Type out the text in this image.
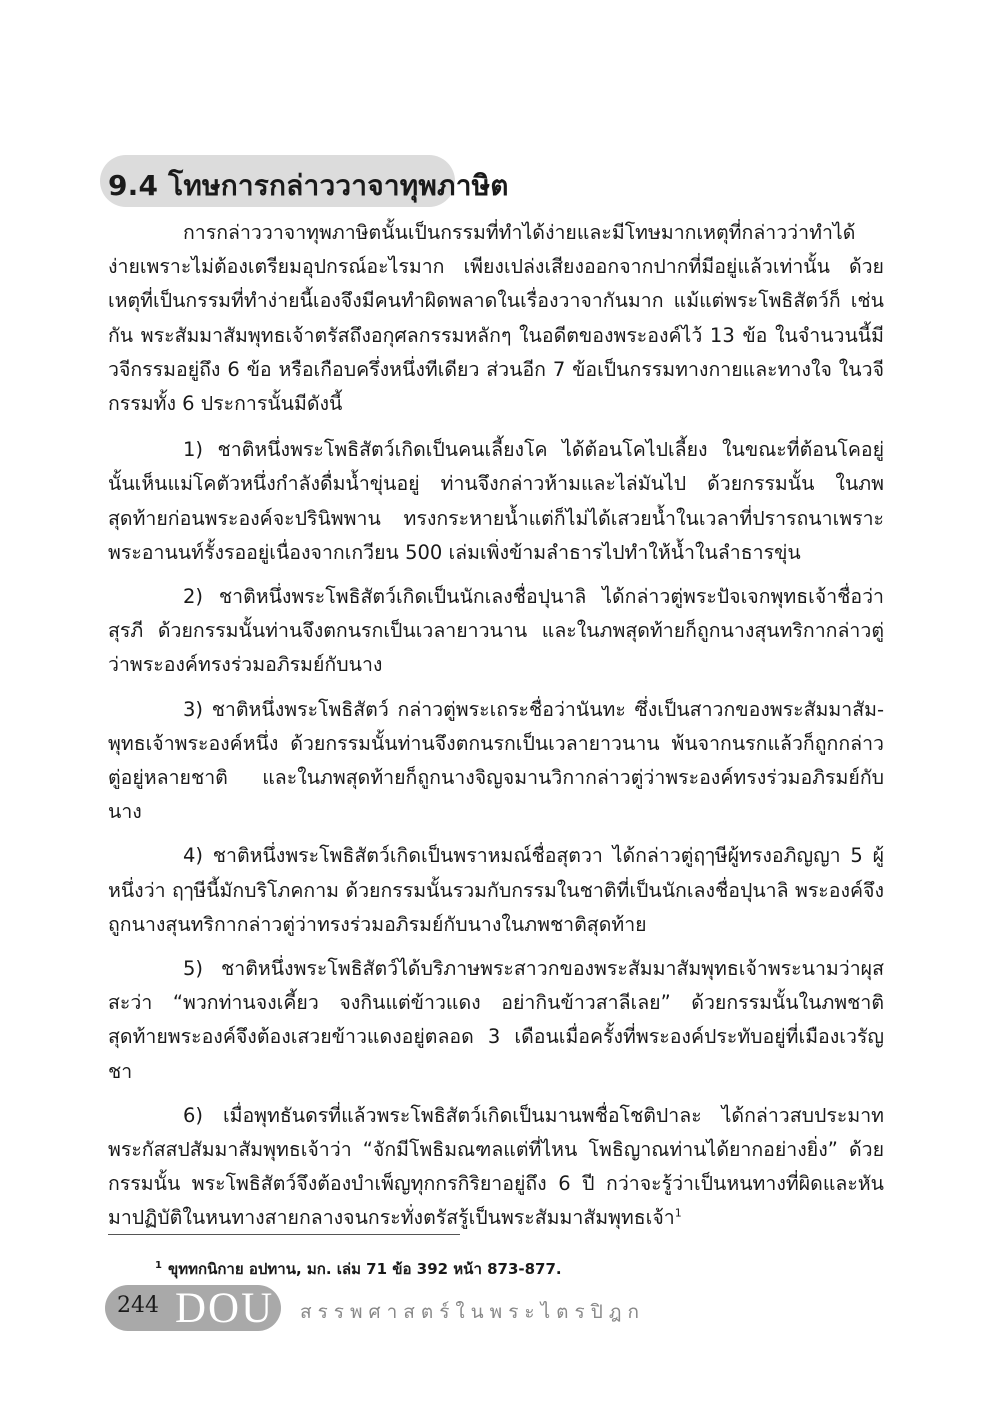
9.4 โทษการกล่าววาจาทุพภาษิต

การกล่าววาจาทุพภาษิตนั้นเป็นกรรมที่ทำได้ง่ายและมีโทษมากเหตุที่กล่าวว่าทำได้ง่ายเพราะไม่ต้องเตรียมอุปกรณ์อะไรมาก เพียงเปล่งเสียงออกจากปากที่มีอยู่แล้วเท่านั้น ด้วย เหตุที่เป็นกรรมที่ทำง่ายนี้เองจึงมีคนทำผิดพลาดในเรื่องวาจากันมาก แม้แต่พระโพธิสัตว์ก็ เช่นกัน พระสัมมาสัมพุทธเจ้าตรัสถึงอกุศลกรรมหลักๆ ในอดีตของพระองค์ไว้ 13 ข้อ ในจำนวนนี้มีวจีกรรมอยู่ถึง 6 ข้อ หรือเกือบครึ่งหนึ่งทีเดียว ส่วนอีก 7 ข้อเป็นกรรมทางกายและทางใจ ในวจีกรรมทั้ง 6 ประการนั้นมีดังนี้

1) ชาติหนึ่งพระโพธิสัตว์เกิดเป็นคนเลี้ยงโค ได้ต้อนโคไปเลี้ยง ในขณะที่ต้อนโคอยู่นั้นเห็นแม่โคตัวหนึ่งกำลังดื่มน้ำขุ่นอยู่ ท่านจึงกล่าวห้ามและไล่มันไป ด้วยกรรมนั้น ในภพสุดท้ายก่อนพระองค์จะปรินิพพาน ทรงกระหายน้ำแต่ก็ไม่ได้เสวยน้ำในเวลาที่ปรารถนาเพราะพระอานนท์รั้งรออยู่เนื่องจากเกวียน 500 เล่มเพิ่งข้ามลำธารไปทำให้น้ำในลำธารขุ่น

2) ชาติหนึ่งพระโพธิสัตว์เกิดเป็นนักเลงชื่อปุนาลิ ได้กล่าวตู่พระปัจเจกพุทธเจ้าชื่อว่าสุรภี ด้วยกรรมนั้นท่านจึงตกนรกเป็นเวลายาวนาน และในภพสุดท้ายก็ถูกนางสุนทริกากล่าวตู่ว่าพระองค์ทรงร่วมอภิรมย์กับนาง

3) ชาติหนึ่งพระโพธิสัตว์ กล่าวตู่พระเถระชื่อว่านันทะ ซึ่งเป็นสาวกของพระสัมมาสัม-พุทธเจ้าพระองค์หนึ่ง ด้วยกรรมนั้นท่านจึงตกนรกเป็นเวลายาวนาน พ้นจากนรกแล้วก็ถูกกล่าวตู่อยู่หลายชาติ และในภพสุดท้ายก็ถูกนางจิญจมานวิกากล่าวตู่ว่าพระองค์ทรงร่วมอภิรมย์กับนาง

4) ชาติหนึ่งพระโพธิสัตว์เกิดเป็นพราหมณ์ชื่อสุตวา ได้กล่าวตู่ฤๅษีผู้ทรงอภิญญา 5 ผู้หนึ่งว่า ฤๅษีนี้มักบริโภคกาม ด้วยกรรมนั้นรวมกับกรรมในชาติที่เป็นนักเลงชื่อปุนาลิ พระองค์จึงถูกนางสุนทริกากล่าวตู่ว่าทรงร่วมอภิรมย์กับนางในภพชาติสุดท้าย

5) ชาติหนึ่งพระโพธิสัตว์ได้บริภาษพระสาวกของพระสัมมาสัมพุทธเจ้าพระนามว่าผุสสะว่า “พวกท่านจงเคี้ยว จงกินแต่ข้าวแดง อย่ากินข้าวสาลีเลย” ด้วยกรรมนั้นในภพชาติสุดท้ายพระองค์จึงต้องเสวยข้าวแดงอยู่ตลอด 3 เดือนเมื่อครั้งที่พระองค์ประทับอยู่ที่เมืองเวรัญชา

6) เมื่อพุทธันดรที่แล้วพระโพธิสัตว์เกิดเป็นมานพชื่อโชติปาละ ได้กล่าวสบประมาทพระกัสสปสัมมาสัมพุทธเจ้าว่า “จักมีโพธิมณฑลแต่ที่ไหน โพธิญาณท่านได้ยากอย่างยิ่ง” ด้วยกรรมนั้น พระโพธิสัตว์จึงต้องบำเพ็ญทุกกรกิริยาอยู่ถึง 6 ปี กว่าจะรู้ว่าเป็นหนทางที่ผิดและหันมาปฏิบัติในหนทางสายกลางจนกระทั่งตรัสรู้เป็นพระสัมมาสัมพุทธเจ้า$^1$

$^1$ ขุททกนิกาย อปทาน, มก. เล่ม 71 ข้อ 392 หน้า 873-877.
244 DOU สรรพศาสตร์ในพระไตรปิฎก
